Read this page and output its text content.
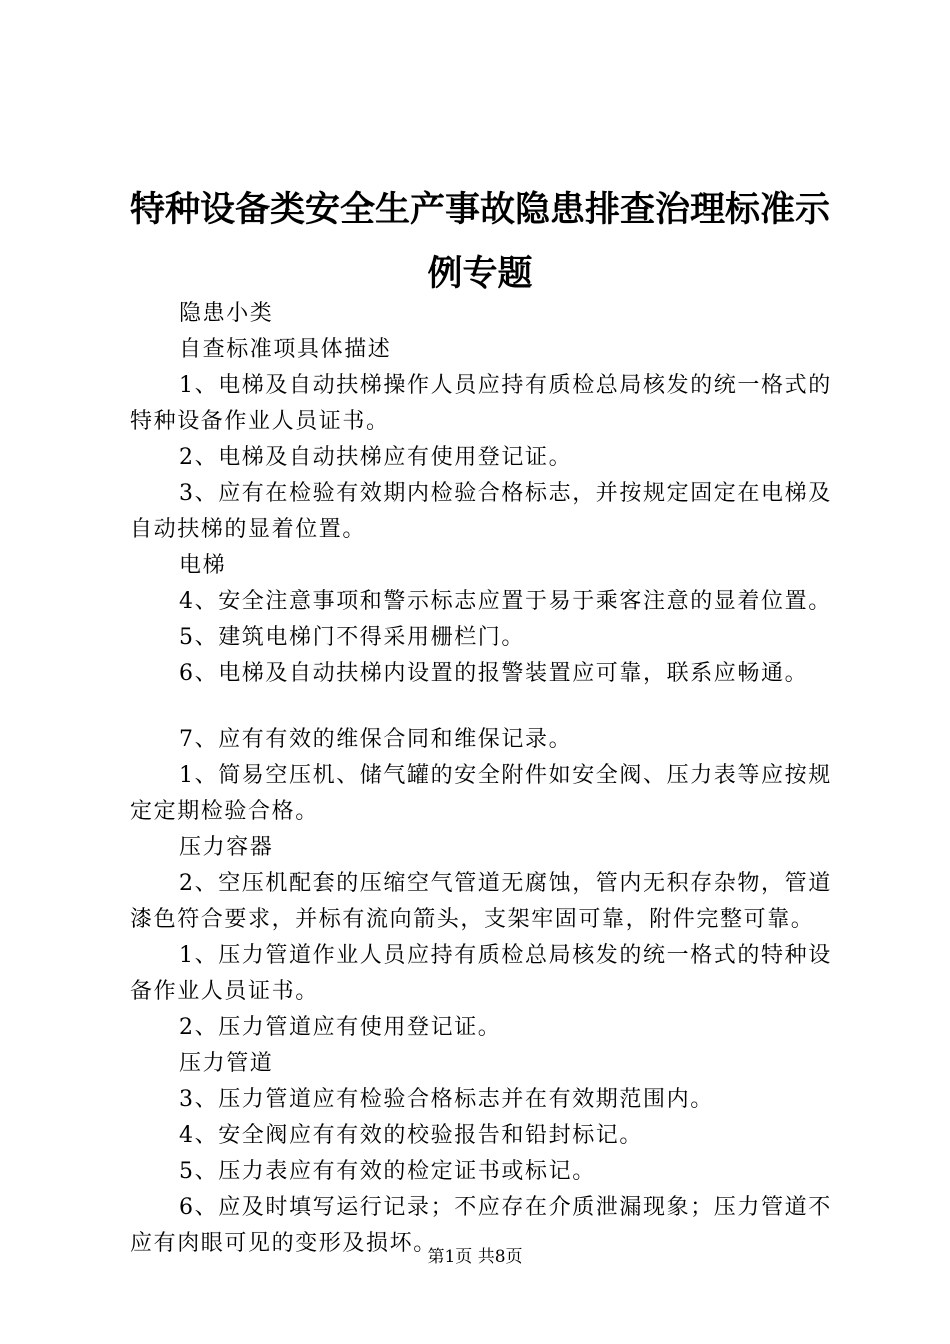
特种设备类安全生产事故隐患排查治理标准示
例专题

隐患小类

自查标准项具体描述

1、电梯及自动扶梯操作人员应持有质检总局核发的统一格式的特种设备作业人员证书。

2、电梯及自动扶梯应有使用登记证。

3、应有在检验有效期内检验合格标志，并按规定固定在电梯及自动扶梯的显着位置。

电梯

4、安全注意事项和警示标志应置于易于乘客注意的显着位置。

5、建筑电梯门不得采用栅栏门。

6、电梯及自动扶梯内设置的报警装置应可靠，联系应畅通。

7、应有有效的维保合同和维保记录。

1、简易空压机、储气罐的安全附件如安全阀、压力表等应按规定定期检验合格。

压力容器

2、空压机配套的压缩空气管道无腐蚀，管内无积存杂物，管道漆色符合要求，并标有流向箭头，支架牢固可靠，附件完整可靠。

1、压力管道作业人员应持有质检总局核发的统一格式的特种设备作业人员证书。

2、压力管道应有使用登记证。

压力管道

3、压力管道应有检验合格标志并在有效期范围内。

4、安全阀应有有效的校验报告和铅封标记。

5、压力表应有有效的检定证书或标记。

6、应及时填写运行记录；不应存在介质泄漏现象；压力管道不应有肉眼可见的变形及损坏。

第1页 共8页
